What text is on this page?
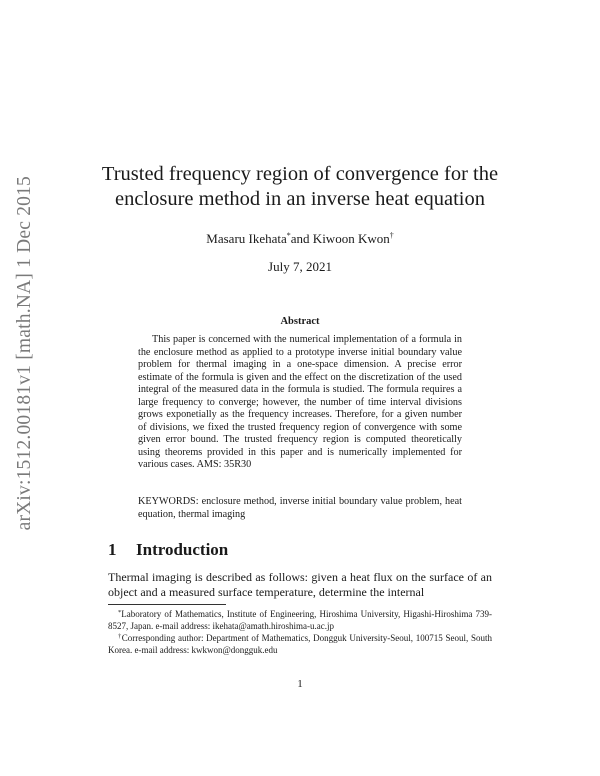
arXiv:1512.00181v1 [math.NA] 1 Dec 2015
Trusted frequency region of convergence for the enclosure method in an inverse heat equation
Masaru Ikehata*and Kiwoon Kwon†
July 7, 2021
Abstract
This paper is concerned with the numerical implementation of a formula in the enclosure method as applied to a prototype inverse initial boundary value problem for thermal imaging in a one-space dimension. A precise error estimate of the formula is given and the effect on the discretization of the used integral of the measured data in the formula is studied. The formula requires a large frequency to converge; however, the number of time interval divisions grows exponetially as the frequency increases. Therefore, for a given number of divisions, we fixed the trusted frequency region of convergence with some given error bound. The trusted frequency region is computed theoretically using theorems provided in this paper and is numerically implemented for various cases. AMS: 35R30
KEYWORDS: enclosure method, inverse initial boundary value problem, heat equation, thermal imaging
1 Introduction
Thermal imaging is described as follows: given a heat flux on the surface of an object and a measured surface temperature, determine the internal
*Laboratory of Mathematics, Institute of Engineering, Hiroshima University, Higashi-Hiroshima 739-8527, Japan. e-mail address: ikehata@amath.hiroshima-u.ac.jp
†Corresponding author: Department of Mathematics, Dongguk University-Seoul, 100715 Seoul, South Korea. e-mail address: kwkwon@dongguk.edu
1
